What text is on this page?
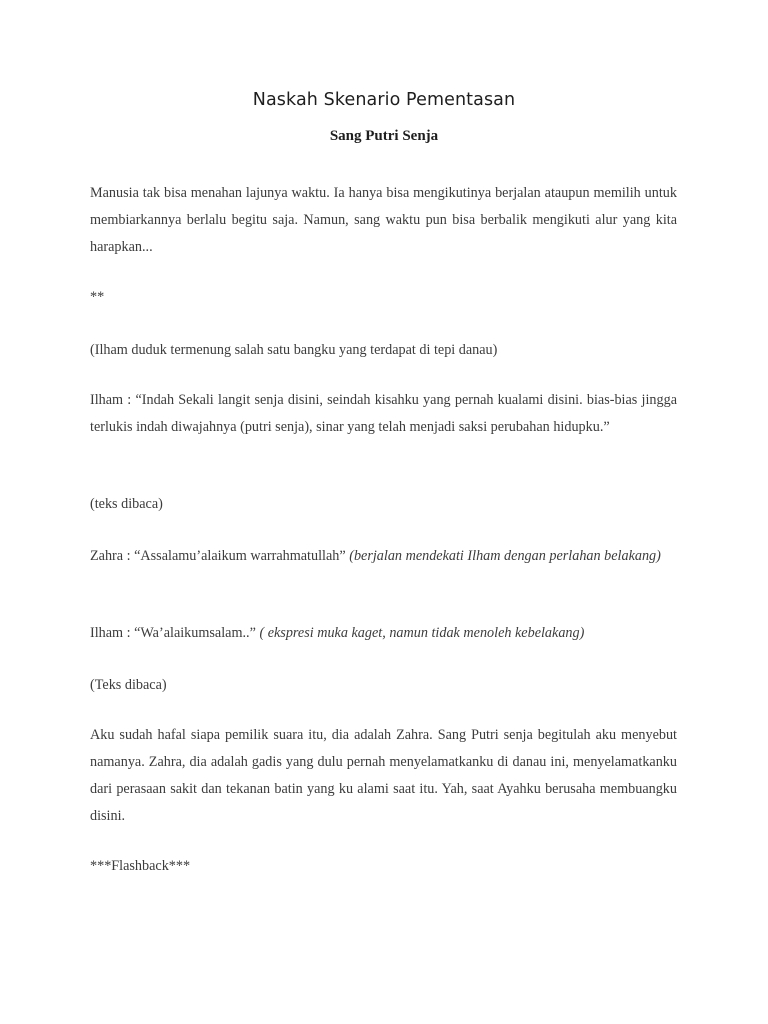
Naskah Skenario Pementasan
Sang Putri Senja
Manusia tak bisa menahan lajunya waktu. Ia hanya bisa mengikutinya berjalan ataupun memilih untuk membiarkannya berlalu begitu saja. Namun, sang waktu pun bisa berbalik mengikuti alur yang kita harapkan...
**
(Ilham duduk termenung salah satu bangku yang terdapat di tepi danau)
Ilham : “Indah Sekali langit senja disini, seindah kisahku yang pernah kualami disini. bias-bias jingga terlukis indah diwajahnya (putri senja), sinar yang telah menjadi saksi perubahan hidupku.”
(teks dibaca)
Zahra : “Assalamu’alaikum warrahmatullah” (berjalan mendekati Ilham dengan perlahan belakang)
Ilham : “Wa’alaikumsalam..” ( ekspresi muka kaget, namun tidak menoleh kebelakang)
(Teks dibaca)
Aku sudah hafal siapa pemilik suara itu, dia adalah Zahra. Sang Putri senja begitulah aku menyebut namanya. Zahra, dia adalah gadis yang dulu pernah menyelamatkanku di danau ini, menyelamatkanku dari perasaan sakit dan tekanan batin yang ku alami saat itu. Yah, saat Ayahku berusaha membuangku disini.
***Flashback***
